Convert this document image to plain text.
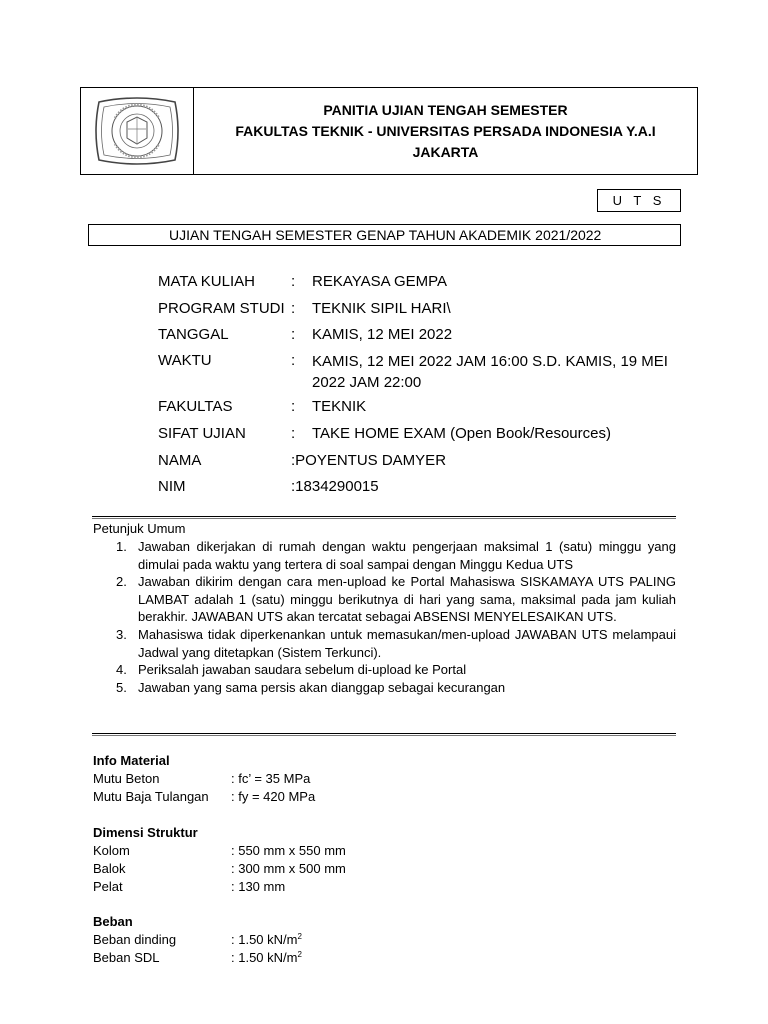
PANITIA UJIAN TENGAH SEMESTER
FAKULTAS TEKNIK - UNIVERSITAS PERSADA INDONESIA Y.A.I
JAKARTA
U T S
UJIAN TENGAH SEMESTER GENAP TAHUN AKADEMIK 2021/2022
MATA KULIAH : REKAYASA GEMPA
PROGRAM STUDI : TEKNIK SIPIL HARI\
TANGGAL	: KAMIS, 12 MEI 2022
WAKTU	: KAMIS, 12 MEI 2022 JAM 16:00 S.D. KAMIS, 19 MEI 2022 JAM 22:00
FAKULTAS	: TEKNIK
SIFAT UJIAN	: TAKE HOME EXAM (Open Book/Resources)
NAMA	:POYENTUS DAMYER
NIM	:1834290015
Petunjuk Umum
1. Jawaban dikerjakan di rumah dengan waktu pengerjaan maksimal 1 (satu) minggu yang dimulai pada waktu yang tertera di soal sampai dengan Minggu Kedua UTS
2. Jawaban dikirim dengan cara men-upload ke Portal Mahasiswa SISKAMAYA UTS PALING LAMBAT adalah 1 (satu) minggu berikutnya di hari yang sama, maksimal pada jam kuliah berakhir. JAWABAN UTS akan tercatat sebagai ABSENSI MENYELESAIKAN UTS.
3. Mahasiswa tidak diperkenankan untuk memasukan/men-upload JAWABAN UTS melampaui Jadwal yang ditetapkan (Sistem Terkunci).
4. Periksalah jawaban saudara sebelum di-upload ke Portal
5. Jawaban yang sama persis akan dianggap sebagai kecurangan
Info Material
Mutu Beton	: fc’ = 35 MPa
Mutu Baja Tulangan : fy = 420 MPa
Dimensi Struktur
Kolom	: 550 mm x 550 mm
Balok	: 300 mm x 500 mm
Pelat	: 130 mm
Beban
Beban dinding	: 1.50 $kN/m^2$
Beban SDL	: 1.50 $kN/m^2$
